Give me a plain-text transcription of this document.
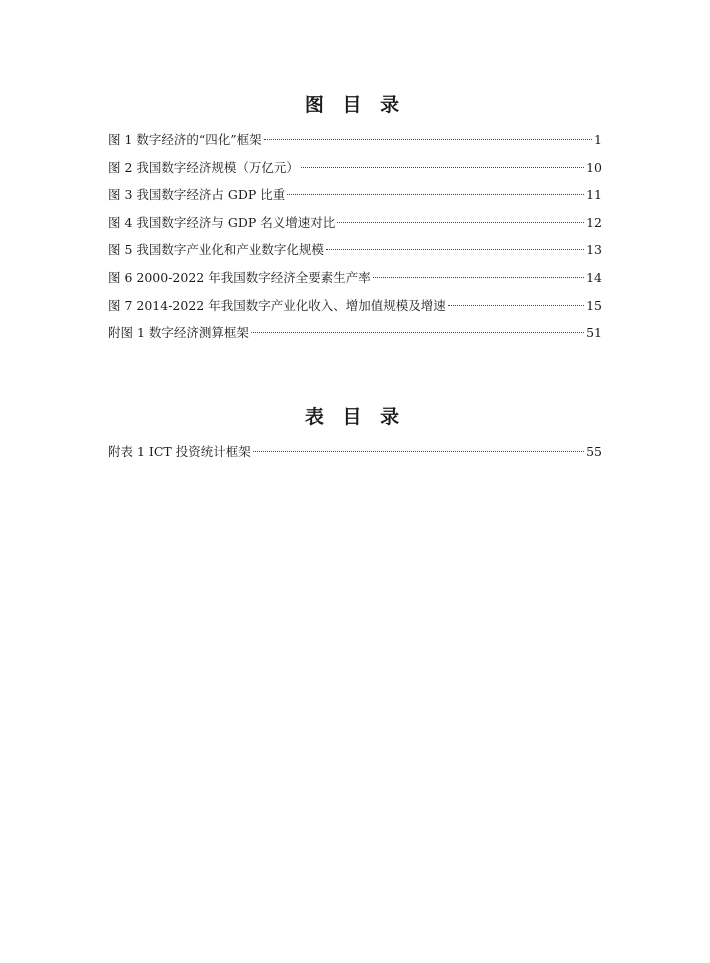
图 目 录
图 1 数字经济的“四化”框架	1
图 2 我国数字经济规模（万亿元）	10
图 3 我国数字经济占 GDP 比重	11
图 4 我国数字经济与 GDP 名义增速对比	12
图 5 我国数字产业化和产业数字化规模	13
图 6 2000-2022 年我国数字经济全要素生产率	14
图 7 2014-2022 年我国数字产业化收入、增加值规模及增速	15
附图 1 数字经济测算框架	51
表 目 录
附表 1 ICT 投资统计框架	55
